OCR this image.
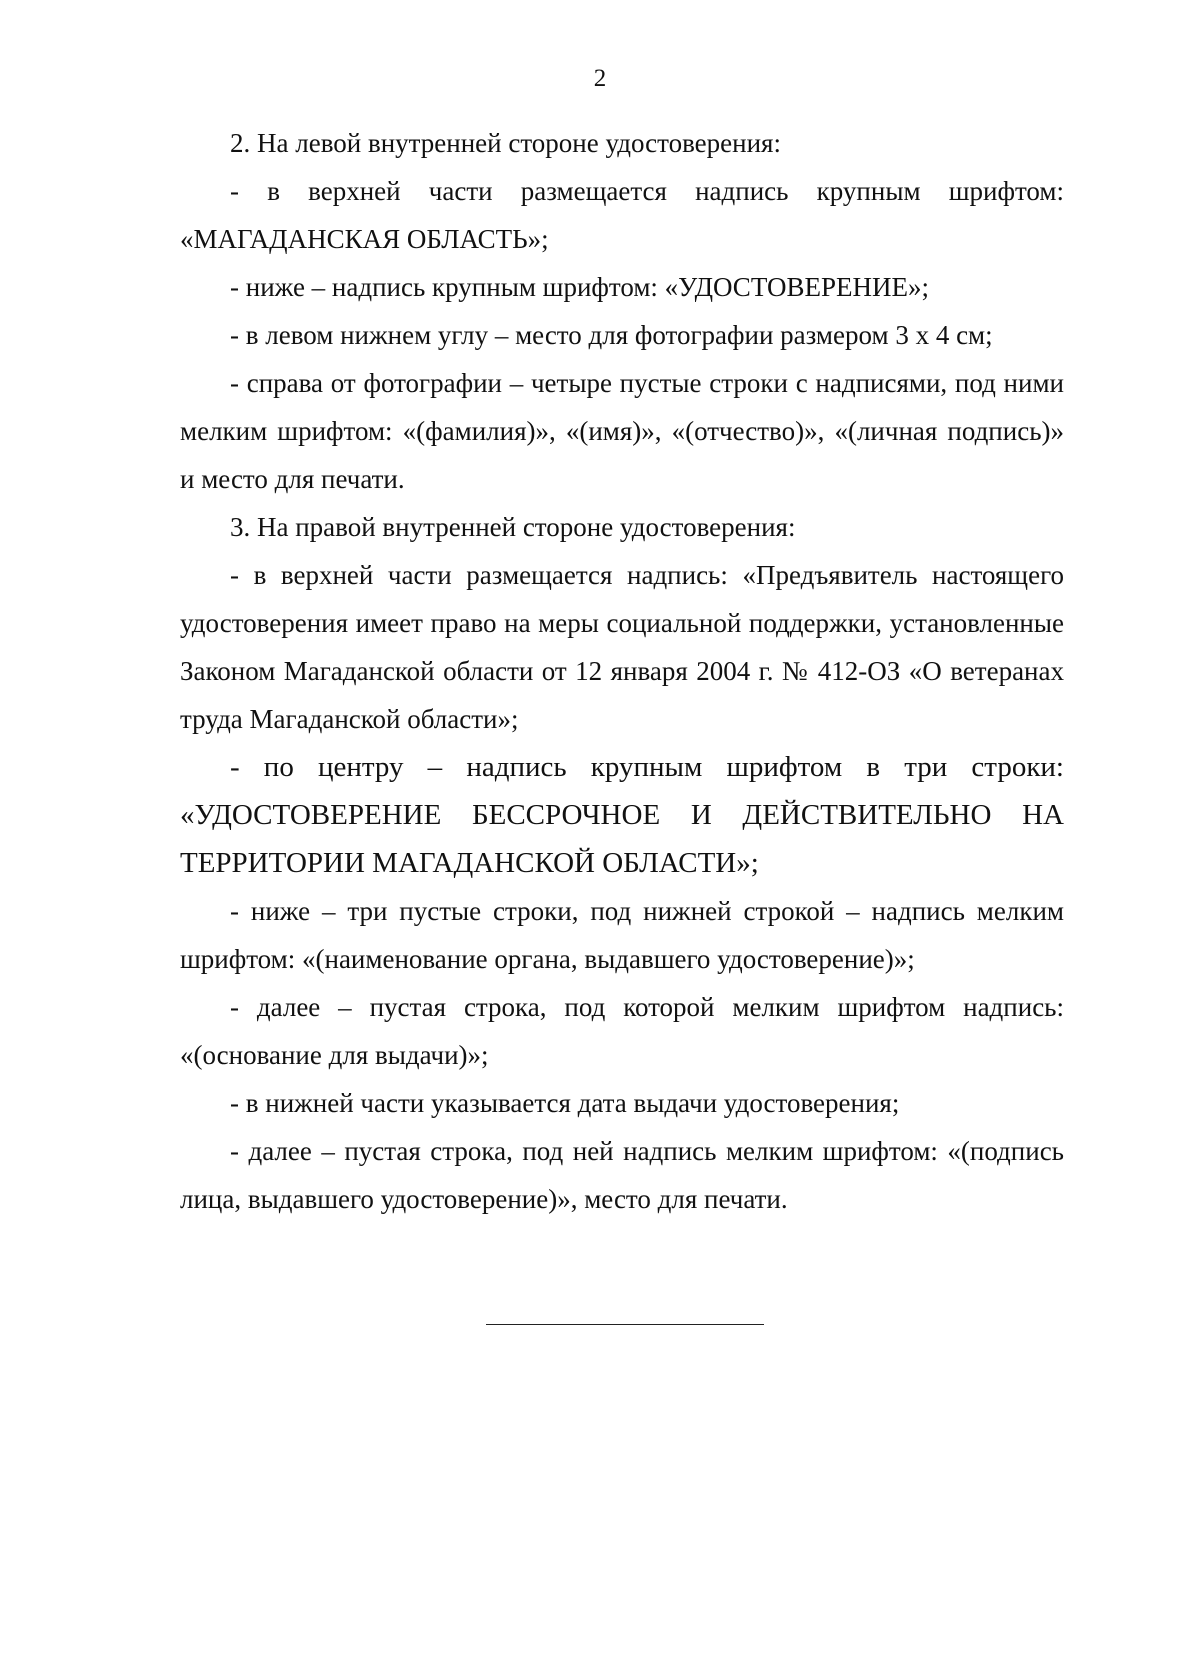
2

2. На левой внутренней стороне удостоверения:

- в верхней части размещается надпись крупным шрифтом: «МАГАДАНСКАЯ ОБЛАСТЬ»;

- ниже – надпись крупным шрифтом: «УДОСТОВЕРЕНИЕ»;

- в левом нижнем углу – место для фотографии размером 3 х 4 см;

- справа от фотографии – четыре пустые строки с надписями, под ними мелким шрифтом: «(фамилия)», «(имя)», «(отчество)», «(личная подпись)» и место для печати.

3. На правой внутренней стороне удостоверения:

- в верхней части размещается надпись: «Предъявитель настоящего удостоверения имеет право на меры социальной поддержки, установленные Законом Магаданской области от 12 января 2004 г. № 412-ОЗ «О ветеранах труда Магаданской области»;

- по центру – надпись крупным шрифтом в три строки: «УДОСТОВЕРЕНИЕ БЕССРОЧНОЕ И ДЕЙСТВИТЕЛЬНО НА ТЕРРИТОРИИ МАГАДАНСКОЙ ОБЛАСТИ»;

- ниже – три пустые строки, под нижней строкой – надпись мелким шрифтом: «(наименование органа, выдавшего удостоверение)»;

- далее – пустая строка, под которой мелким шрифтом надпись: «(основание для выдачи)»;

- в нижней части указывается дата выдачи удостоверения;

- далее – пустая строка, под ней надпись мелким шрифтом: «(подпись лица, выдавшего удостоверение)», место для печати.
